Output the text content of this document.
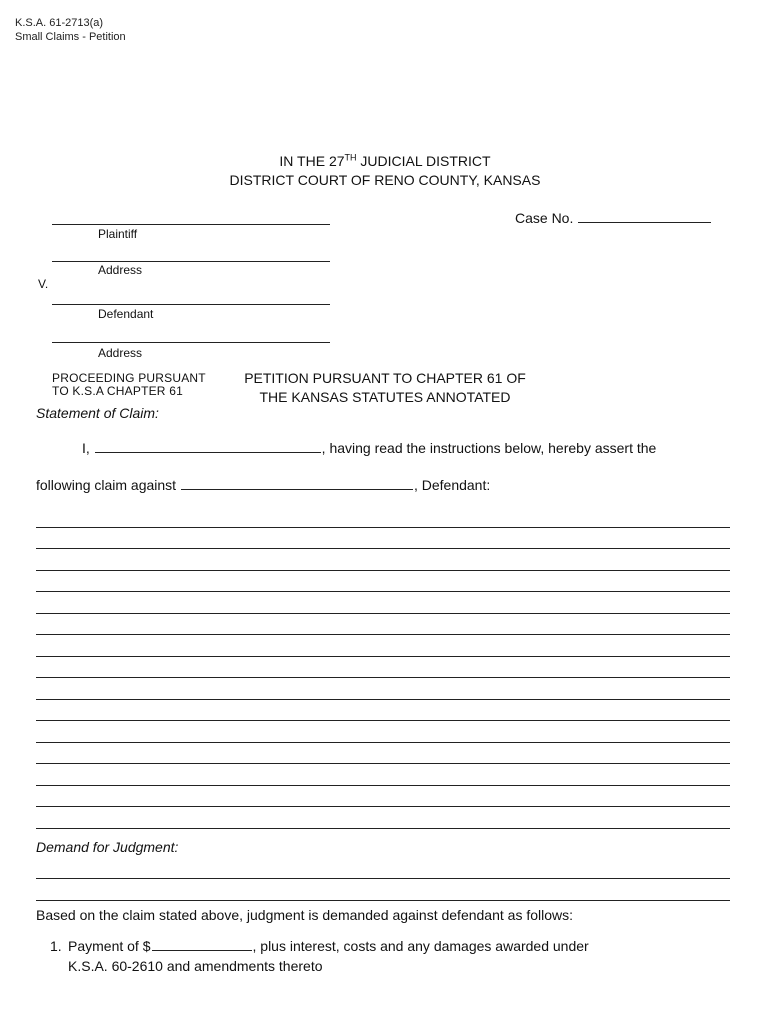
K.S.A. 61-2713(a)
Small Claims - Petition
IN THE 27TH JUDICIAL DISTRICT
DISTRICT COURT OF RENO COUNTY, KANSAS
Plaintiff
Case No.
Address
V.
Defendant
Address
PROCEEDING PURSUANT
TO K.S.A CHAPTER 61
PETITION PURSUANT TO CHAPTER 61 OF
THE KANSAS STATUTES ANNOTATED
Statement of Claim:
I,	, having read the instructions below, hereby assert the
following claim against	, Defendant:
Demand for Judgment:
Based on the claim stated above, judgment is demanded against defendant as follows:
1. Payment of $	, plus interest, costs and any damages awarded under
K.S.A. 60-2610 and amendments thereto
